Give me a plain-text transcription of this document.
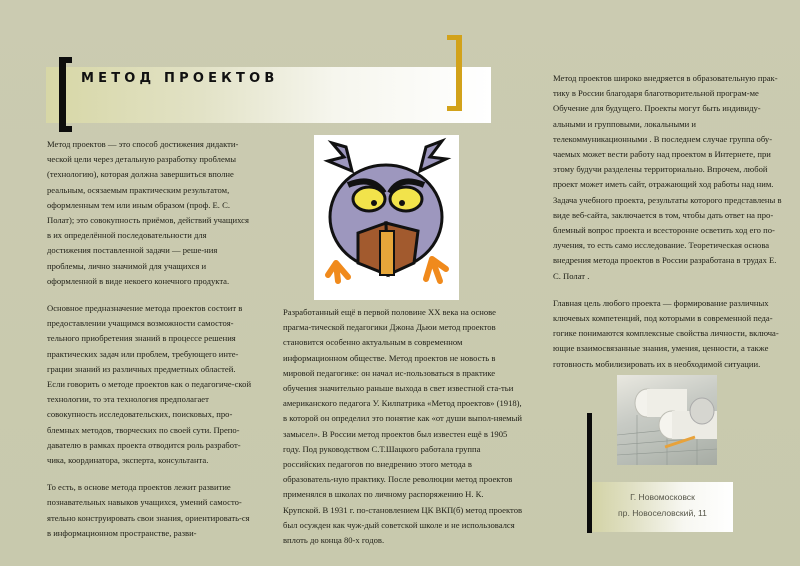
МЕТОД ПРОЕКТОВ

Метод проектов — это способ достижения дидакти-ческой цели через детальную разработку проблемы (технологию), которая должна завершиться вполне реальным, осязаемым практическим результатом, оформленным тем или иным образом (проф. Е. С. Полат); это совокупность приёмов, действий учащихся в их определённой последовательности для достижения поставленной задачи — реше-ния проблемы, лично значимой для учащихся и оформленной в виде некоего конечного продукта.

Основное предназначение метода проектов состоит в предоставлении учащимся возможности самостоя-тельного приобретения знаний в процессе решения практических задач или проблем, требующего инте-грации знаний из различных предметных областей. Если говорить о методе проектов как о педагогиче-ской технологии, то эта технология предполагает совокупность исследовательских, поисковых, про-блемных методов, творческих по своей сути. Препо-давателю в рамках проекта отводится роль разработ-чика, координатора, эксперта, консультанта.

То есть, в основе метода проектов лежит развитие познавательных навыков учащихся, умений самосто-ятельно конструировать свои знания, ориентировать-ся в информационном пространстве, разви-

Разработанный ещё в первой половине XX века на основе прагма-тической педагогики Джона Дьюи метод проектов становится особенно актуальным в современном информационном обществе. Метод проектов не новость в мировой педагогике: он начал ис-пользоваться в практике обучения значительно раньше выхода в свет известной ста-тьи американского педагога У. Килпатрика «Метод проектов» (1918), в которой он определил это понятие как «от души выпол-няемый замысел». В России метод проектов был известен ещё в 1905 году. Под руководством С.Т.Шацкого работала группа российских педагогов по внедрению этого метода в образователь-ную практику. После революции метод проектов применялся в школах по личному распоряжению Н. К. Крупской. В 1931 г. по-становлением ЦК ВКП(б) метод проектов был осужден как чуж-дый советской школе и не использовался вплоть до конца 80-х годов.

Метод проектов широко внедряется в образовательную прак-тику в России благодаря благотворительной програм-ме Обучение для будущего. Проекты могут быть индивиду-альными и групповыми, локальными и телекоммуникационными . В последнем случае группа обу-чаемых может вести работу над проектом в Интернете, при этому будучи разделены территориально. Впрочем, любой проект может иметь сайт, отражающий ход работы над ним. Задача учебного проекта, результаты которого представлены в виде веб-сайта, заключается в том, чтобы дать ответ на про-блемный вопрос проекта и всесторонне осветить ход его по-лучения, то есть само исследование. Теоретическая основа внедрения метода проектов в России разработана в трудах Е. С. Полат .

Главная цель любого проекта — формирование различных ключевых компетенций, под которыми в современной педа-гогике понимаются комплексные свойства личности, включа-ющие взаимосвязанные знания, умения, ценности, а также готовность мобилизировать их в необходимой ситуации.

Г. Новомосковск
пр. Новоселовский, 11
